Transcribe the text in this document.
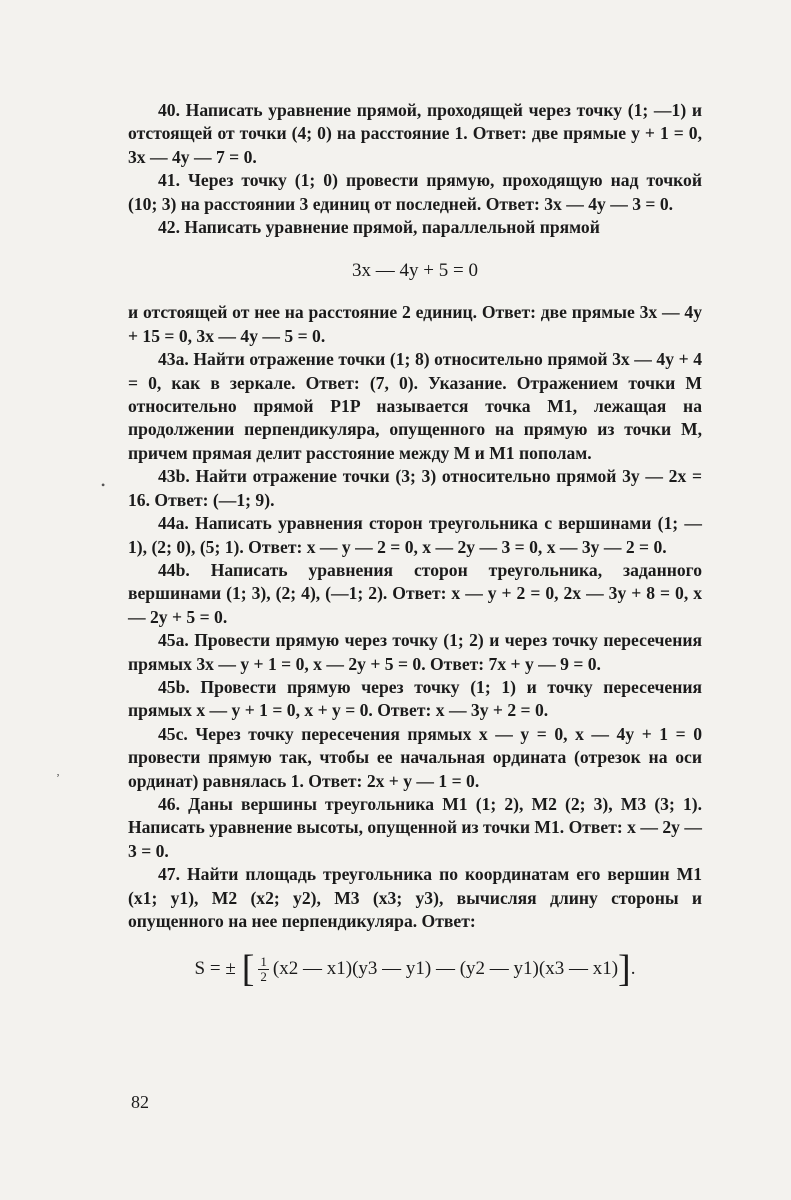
•
ʼ

40. Написать уравнение прямой, проходящей через точку (1; —1) и отстоящей от точки (4; 0) на расстояние 1. Ответ: две прямые y + 1 = 0, 3x — 4y — 7 = 0.

41. Через точку (1; 0) провести прямую, проходящую над точкой (10; 3) на расстоянии 3 единиц от последней. Ответ: 3x — 4y — 3 = 0.

42. Написать уравнение прямой, параллельной прямой

3x — 4y + 5 = 0

и отстоящей от нее на расстояние 2 единиц. Ответ: две прямые 3x — 4y + 15 = 0, 3x — 4y — 5 = 0.

43a. Найти отражение точки (1; 8) относительно прямой 3x — 4y + 4 = 0, как в зеркале. Ответ: (7, 0). Указание. Отражением точки M относительно прямой P1P называется точка M1, лежащая на продолжении перпендикуляра, опущенного на прямую из точки M, причем прямая делит расстояние между M и M1 пополам.

43b. Найти отражение точки (3; 3) относительно прямой 3y — 2x = 16. Ответ: (—1; 9).

44a. Написать уравнения сторон треугольника с вершинами (1; —1), (2; 0), (5; 1). Ответ: x — y — 2 = 0, x — 2y — 3 = 0, x — 3y — 2 = 0.

44b. Написать уравнения сторон треугольника, заданного вершинами (1; 3), (2; 4), (—1; 2). Ответ: x — y + 2 = 0, 2x — 3y + 8 = 0, x — 2y + 5 = 0.

45a. Провести прямую через точку (1; 2) и через точку пересечения прямых 3x — y + 1 = 0, x — 2y + 5 = 0. Ответ: 7x + y — 9 = 0.

45b. Провести прямую через точку (1; 1) и точку пересечения прямых x — y + 1 = 0, x + y = 0. Ответ: x — 3y + 2 = 0.

45c. Через точку пересечения прямых x — y = 0, x — 4y + 1 = 0 провести прямую так, чтобы ее начальная ордината (отрезок на оси ординат) равнялась 1. Ответ: 2x + y — 1 = 0.

46. Даны вершины треугольника M1 (1; 2), M2 (2; 3), M3 (3; 1). Написать уравнение высоты, опущенной из точки M1. Ответ: x — 2y — 3 = 0.

47. Найти площадь треугольника по координатам его вершин M1 (x1; y1), M2 (x2; y2), M3 (x3; y3), вычисляя длину стороны и опущенного на нее перпендикуляра. Ответ:

S = ± [ $\frac{1}{2} (x2$ — x1)(y3 — y1) — (y2 — y1)(x3 — x1)].
82
